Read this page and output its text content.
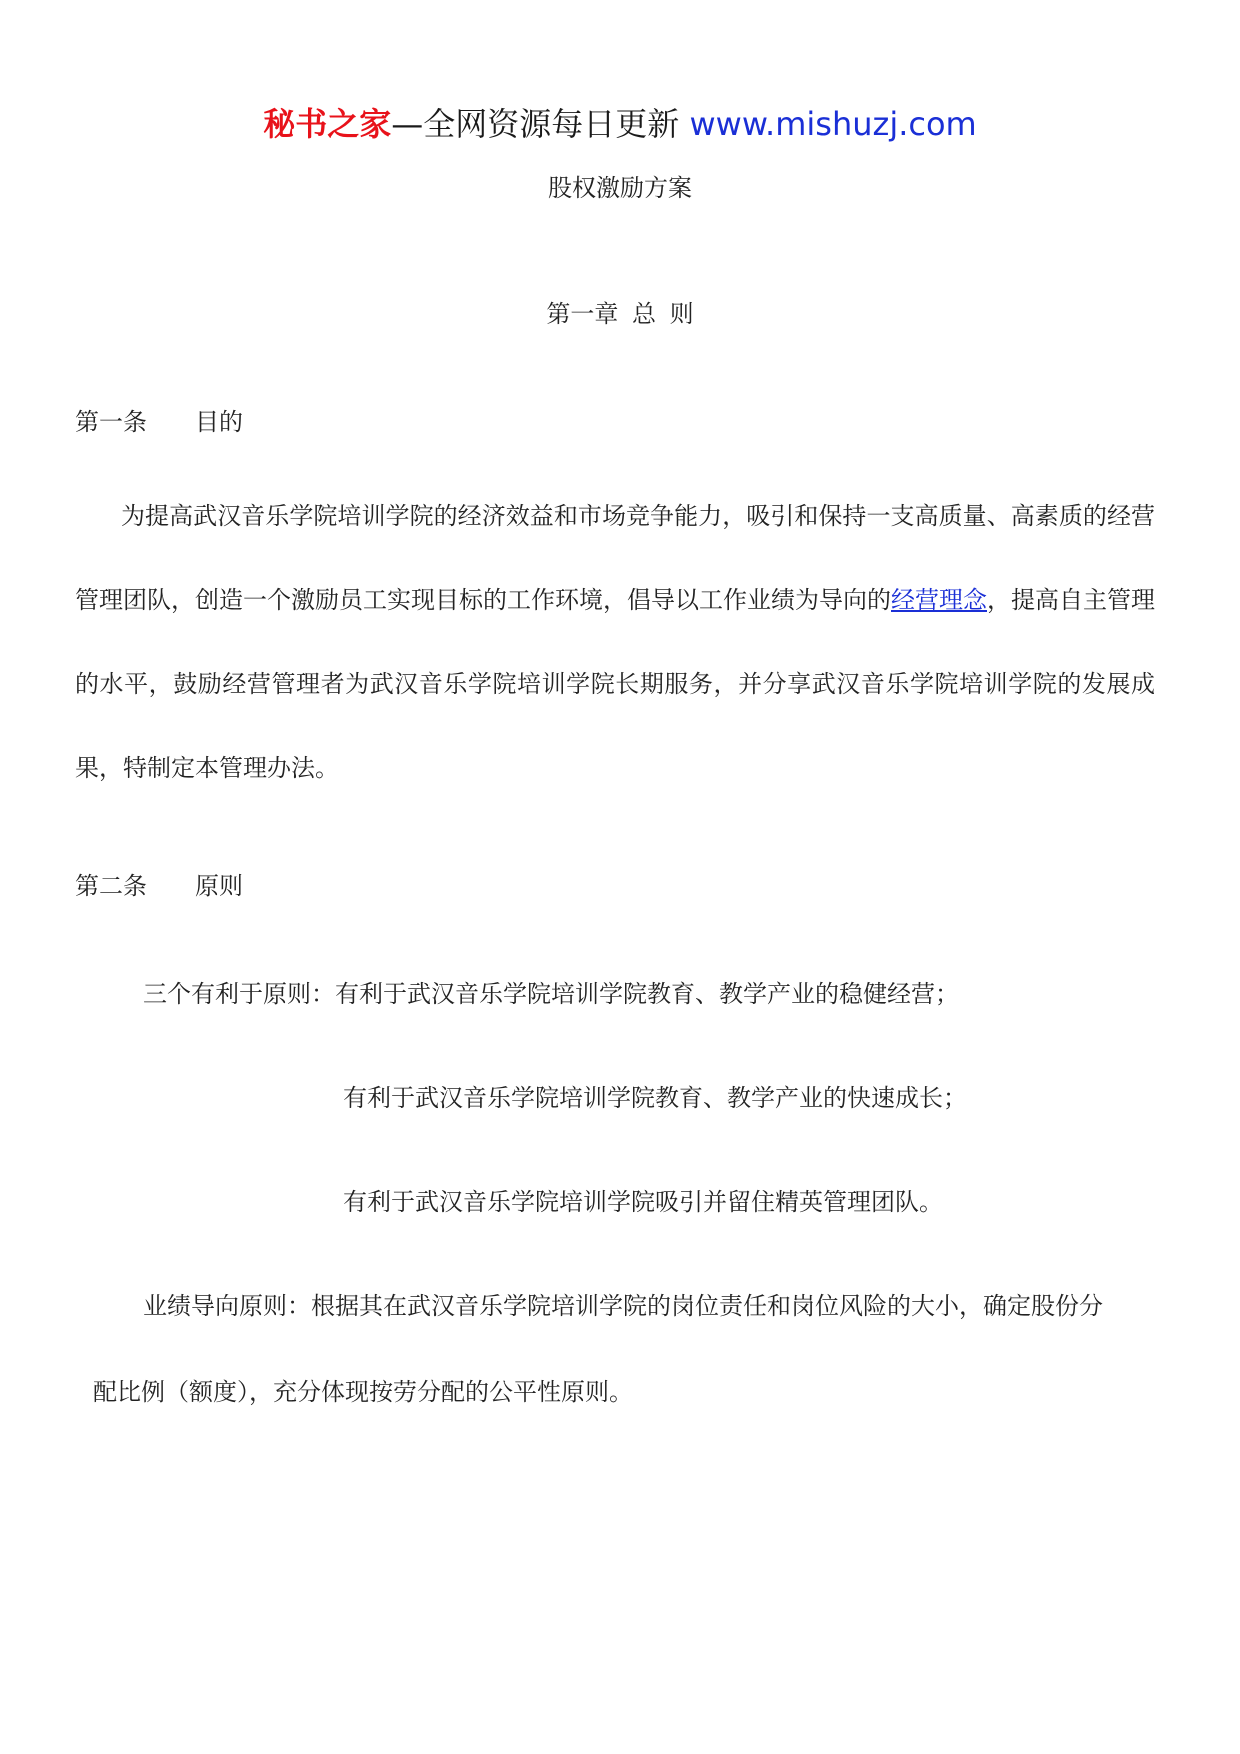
秘书之家—全网资源每日更新 www.mishuzj.com
股权激励方案
第一章 总 则
第一条　　目的
为提高武汉音乐学院培训学院的经济效益和市场竞争能力，吸引和保持一支高质量、高素质的经营管理团队，创造一个激励员工实现目标的工作环境，倡导以工作业绩为导向的经营理念，提高自主管理的水平，鼓励经营管理者为武汉音乐学院培训学院长期服务，并分享武汉音乐学院培训学院的发展成果，特制定本管理办法。
第二条　　原则
三个有利于原则：有利于武汉音乐学院培训学院教育、教学产业的稳健经营；
有利于武汉音乐学院培训学院教育、教学产业的快速成长；
有利于武汉音乐学院培训学院吸引并留住精英管理团队。
业绩导向原则：根据其在武汉音乐学院培训学院的岗位责任和岗位风险的大小，确定股份分
配比例（额度），充分体现按劳分配的公平性原则。
